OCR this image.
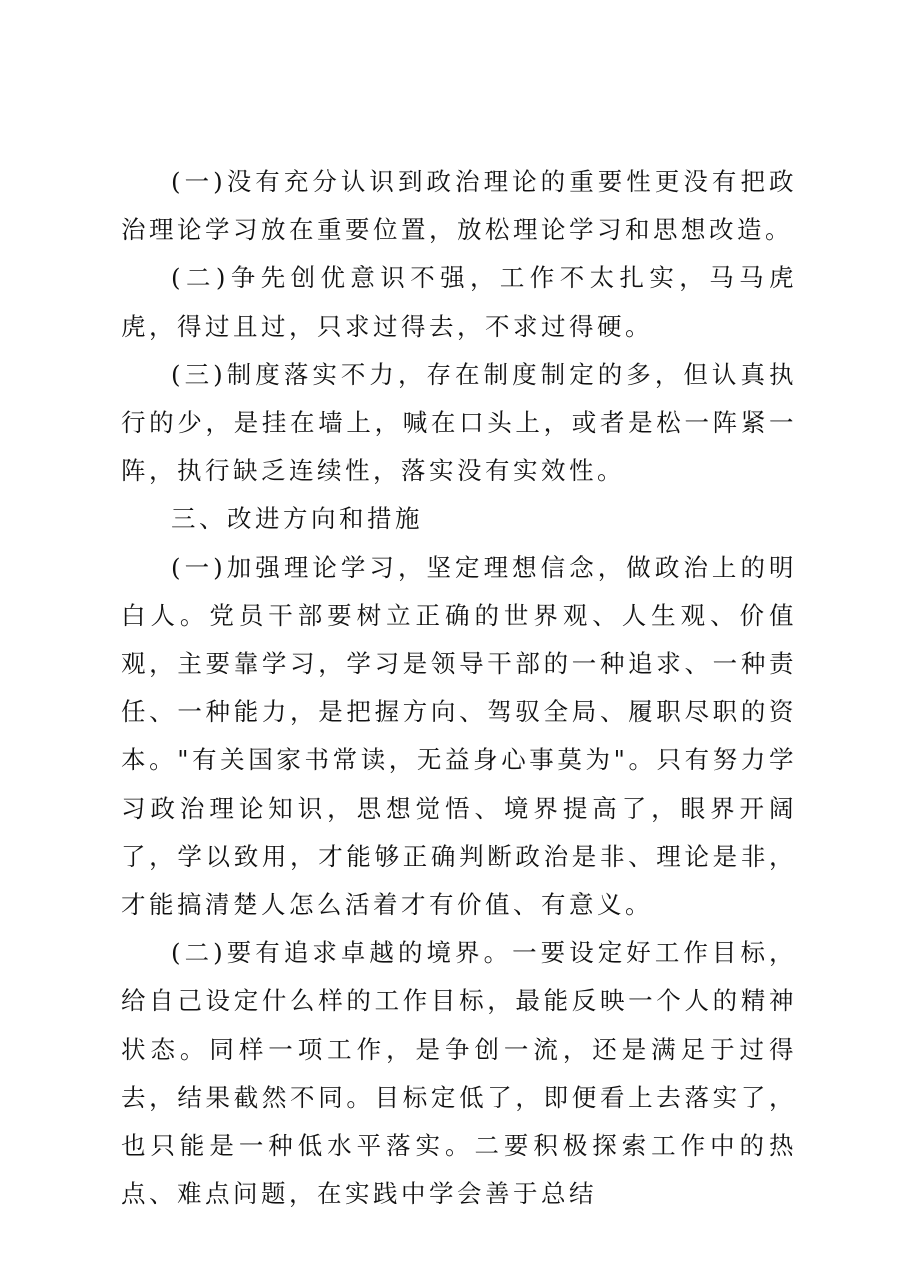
(一)没有充分认识到政治理论的重要性更没有把政治理论学习放在重要位置，放松理论学习和思想改造。

(二)争先创优意识不强，工作不太扎实，马马虎虎，得过且过，只求过得去，不求过得硬。

(三)制度落实不力，存在制度制定的多，但认真执行的少，是挂在墙上，喊在口头上，或者是松一阵紧一阵，执行缺乏连续性，落实没有实效性。

三、改进方向和措施

(一)加强理论学习，坚定理想信念，做政治上的明白人。党员干部要树立正确的世界观、人生观、价值观，主要靠学习，学习是领导干部的一种追求、一种责任、一种能力，是把握方向、驾驭全局、履职尽职的资本。"有关国家书常读，无益身心事莫为"。只有努力学习政治理论知识，思想觉悟、境界提高了，眼界开阔了，学以致用，才能够正确判断政治是非、理论是非，才能搞清楚人怎么活着才有价值、有意义。

(二)要有追求卓越的境界。一要设定好工作目标，给自己设定什么样的工作目标，最能反映一个人的精神状态。同样一项工作，是争创一流，还是满足于过得去，结果截然不同。目标定低了，即便看上去落实了，也只能是一种低水平落实。二要积极探索工作中的热点、难点问题，在实践中学会善于总结
